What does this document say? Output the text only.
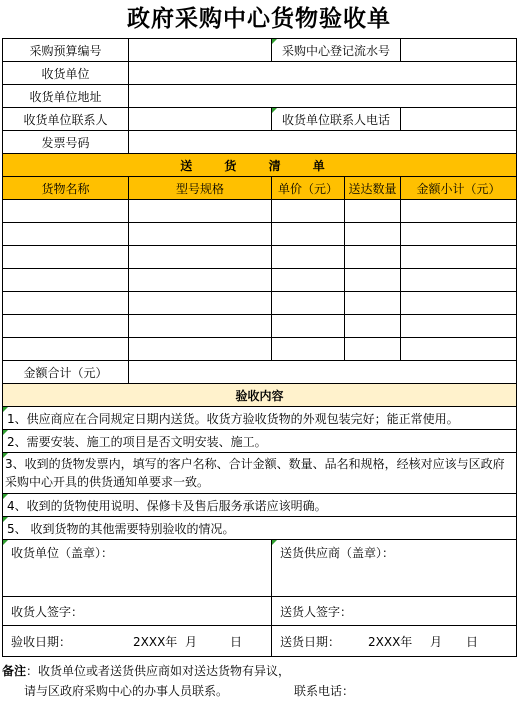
政府采购中心货物验收单
采购预算编号		采购中心登记流水号		
收货单位				
收货单位地址				
收货单位联系人		收货单位联系人电话		
发票号码				
送 货 清 单				
货物名称	型号规格	单价（元）	送达数量	金额小计（元）

金额合计（元）				
验收内容				
1、供应商应在合同规定日期内送货。收货方验收货物的外观包装完好；能正常使用。				
2、需要安装、施工的项目是否文明安装、施工。				
3、收到的货物发票内，填写的客户名称、合计金额、数量、品名和规格，经核对应该与区政府采购中心开具的供货通知单要求一致。				
4、收到的货物使用说明、保修卡及售后服务承诺应该明确。				
5、 收到货物的其他需要特别验收的情况。				
收货单位（盖章）：		送货供应商（盖章）：		
收货人签字：		送货人签字：		
验收日期： 2XXX年 月 日		送货日期： 2XXX年 月 日		
备注：收货单位或者送货供应商如对送达货物有异议，
请与区政府采购中心的办事人员联系。	联系电话：
